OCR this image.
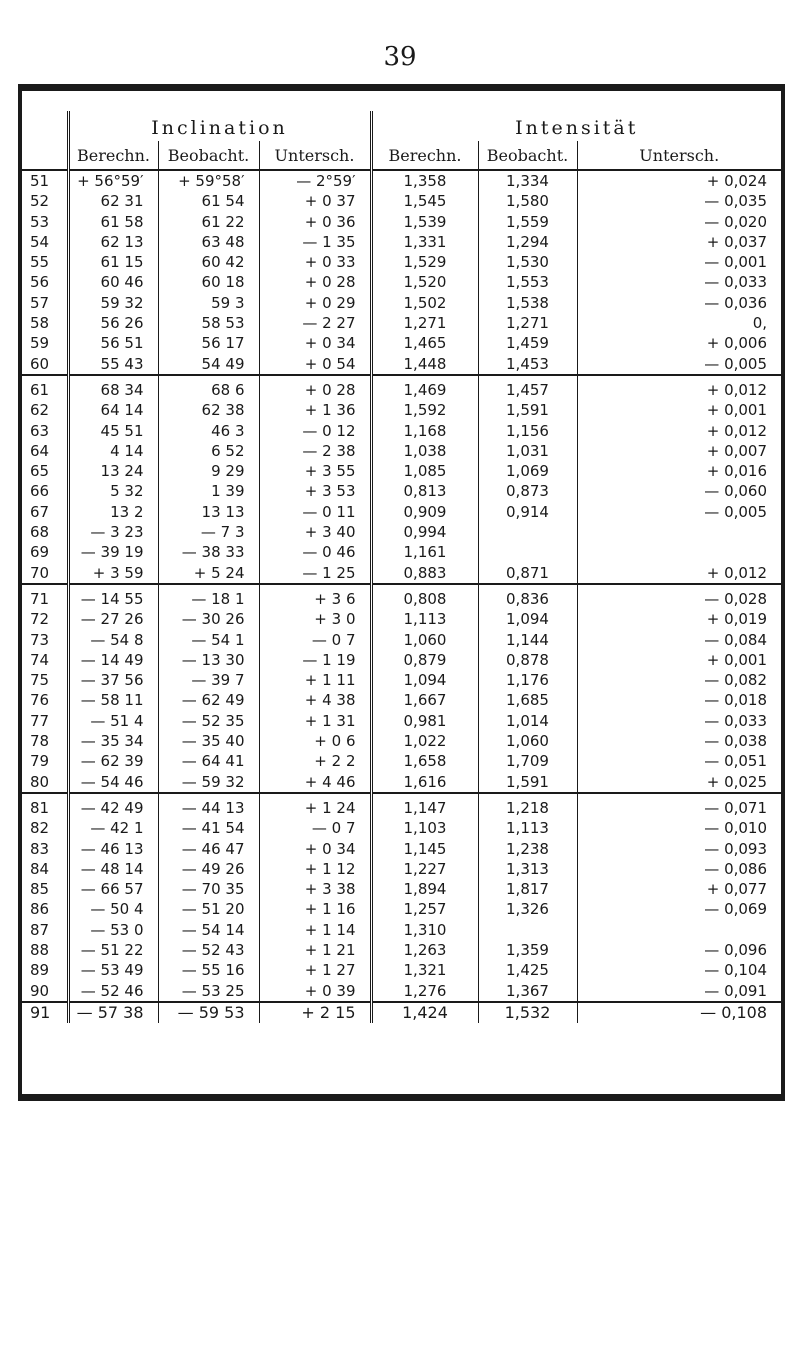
39
	Inclination			Intensität		
	Berechn.	Beobacht.	Untersch.	Berechn.	Beobacht.	Untersch.
51	+ 56°59′	+ 59°58′	— 2°59′	1,358	1,334	+ 0,024
52	62 31	61 54	+ 0 37	1,545	1,580	— 0,035
53	61 58	61 22	+ 0 36	1,539	1,559	— 0,020
54	62 13	63 48	— 1 35	1,331	1,294	+ 0,037
55	61 15	60 42	+ 0 33	1,529	1,530	— 0,001
56	60 46	60 18	+ 0 28	1,520	1,553	— 0,033
57	59 32	59 3	+ 0 29	1,502	1,538	— 0,036
58	56 26	58 53	— 2 27	1,271	1,271	0,
59	56 51	56 17	+ 0 34	1,465	1,459	+ 0,006
60	55 43	54 49	+ 0 54	1,448	1,453	— 0,005
61	68 34	68 6	+ 0 28	1,469	1,457	+ 0,012
62	64 14	62 38	+ 1 36	1,592	1,591	+ 0,001
63	45 51	46 3	— 0 12	1,168	1,156	+ 0,012
64	4 14	6 52	— 2 38	1,038	1,031	+ 0,007
65	13 24	9 29	+ 3 55	1,085	1,069	+ 0,016
66	5 32	1 39	+ 3 53	0,813	0,873	— 0,060
67	13 2	13 13	— 0 11	0,909	0,914	— 0,005
68	— 3 23	— 7 3	+ 3 40	0,994		
69	— 39 19	— 38 33	— 0 46	1,161		
70	+ 3 59	+ 5 24	— 1 25	0,883	0,871	+ 0,012
71	— 14 55	— 18 1	+ 3 6	0,808	0,836	— 0,028
72	— 27 26	— 30 26	+ 3 0	1,113	1,094	+ 0,019
73	— 54 8	— 54 1	— 0 7	1,060	1,144	— 0,084
74	— 14 49	— 13 30	— 1 19	0,879	0,878	+ 0,001
75	— 37 56	— 39 7	+ 1 11	1,094	1,176	— 0,082
76	— 58 11	— 62 49	+ 4 38	1,667	1,685	— 0,018
77	— 51 4	— 52 35	+ 1 31	0,981	1,014	— 0,033
78	— 35 34	— 35 40	+ 0 6	1,022	1,060	— 0,038
79	— 62 39	— 64 41	+ 2 2	1,658	1,709	— 0,051
80	— 54 46	— 59 32	+ 4 46	1,616	1,591	+ 0,025
81	— 42 49	— 44 13	+ 1 24	1,147	1,218	— 0,071
82	— 42 1	— 41 54	— 0 7	1,103	1,113	— 0,010
83	— 46 13	— 46 47	+ 0 34	1,145	1,238	— 0,093
84	— 48 14	— 49 26	+ 1 12	1,227	1,313	— 0,086
85	— 66 57	— 70 35	+ 3 38	1,894	1,817	+ 0,077
86	— 50 4	— 51 20	+ 1 16	1,257	1,326	— 0,069
87	— 53 0	— 54 14	+ 1 14	1,310		
88	— 51 22	— 52 43	+ 1 21	1,263	1,359	— 0,096
89	— 53 49	— 55 16	+ 1 27	1,321	1,425	— 0,104
90	— 52 46	— 53 25	+ 0 39	1,276	1,367	— 0,091
91	— 57 38	— 59 53	+ 2 15	1,424	1,532	— 0,108
